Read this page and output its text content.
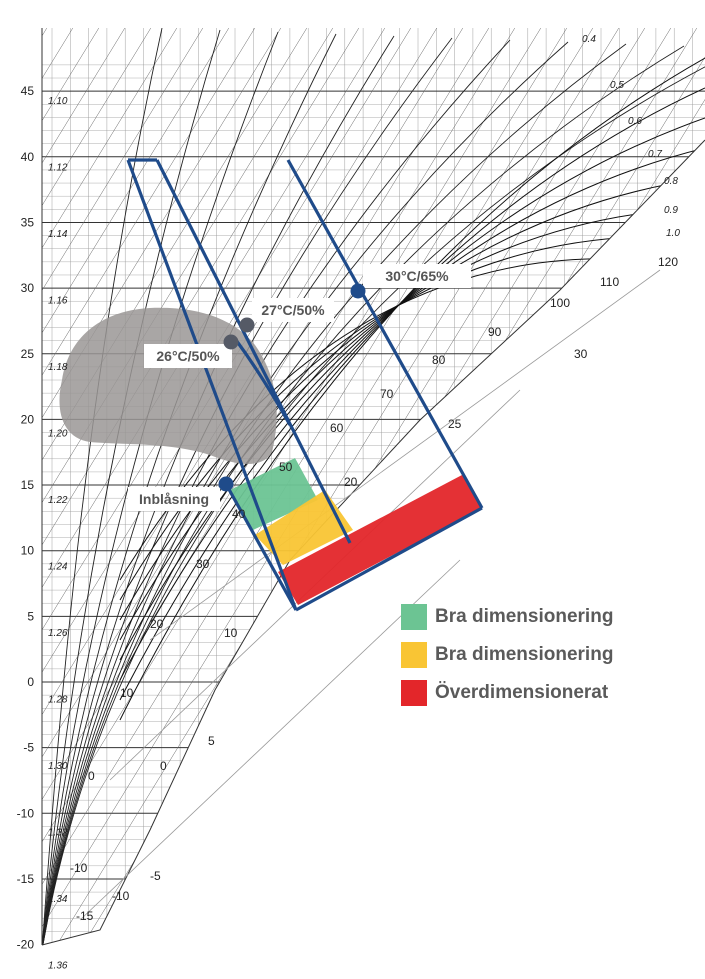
30°C/65%
27°C/50%
26°C/50%
Inblåsning
45
40
35
30
25
20
15
10
5
0
-5
-10
-15
-20
1.10
1.12
1.14
1.16
1.18
1.20
1.22
1.24
1.26
1.28
1.30
1.32
1.34
1.36
0.4
0.5
0.6
0.7
0.8
0.9
1.0
-15
-10
-5
0
5
10
20
30
40
50
60
70
80
90
100
110
120
-10
0
10
20
25
30
Bra dimensionering
Bra dimensionering
Överdimensionerat
